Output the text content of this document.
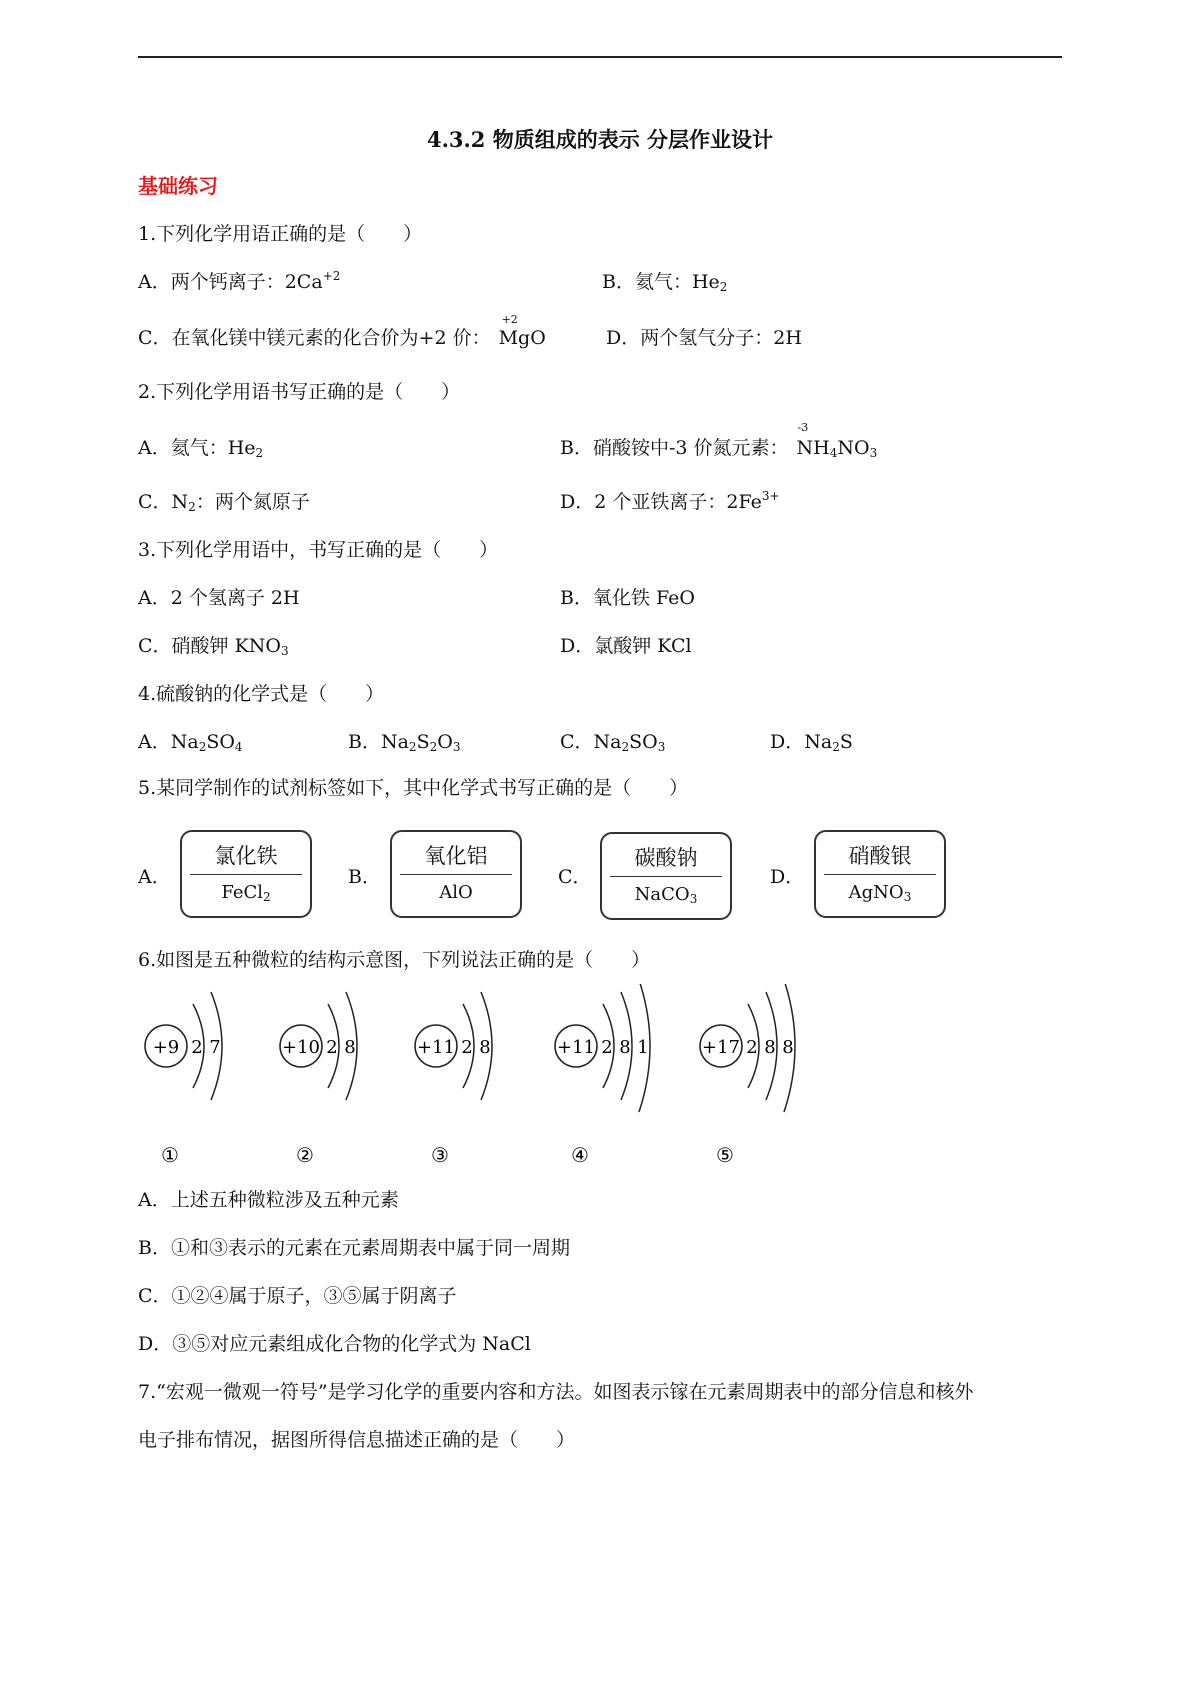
4.3.2 物质组成的表示 分层作业设计
基础练习
1.下列化学用语正确的是（　　）
A．两个钙离子：$2Ca^{+2}$	B．氦气：$He_2$
C．在氧化镁中镁元素的化合价为+2 价：
+2
MgO	D．两个氢气分子：2H
2.下列化学用语书写正确的是（　　）
A．氦气：$He_2$	B．硝酸铵中-3 价氮元素：
-3
$NH_4NO_3$
C．$N_2$：两个氮原子	D．2 个亚铁离子：$2Fe^{3+}$
3.下列化学用语中，书写正确的是（　　）
A．2 个氢离子 2H	B．氧化铁 FeO
C．硝酸钾 $KNO_3$	D．氯酸钾 KCl
4.硫酸钠的化学式是（　　）
A．$Na_2SO_4$	B．$Na_2S_2O_3$	C．$Na_2SO_3$	D．$Na_2S$
5.某同学制作的试剂标签如下，其中化学式书写正确的是（　　）
A．
氯化铁
FeCl$_2$
B．
氧化铝
AlO
C．
碳酸钠
NaCO$_3$
D．
硝酸银
AgNO$_3$
6.如图是五种微粒的结构示意图，下列说法正确的是（　　）
+9 2 7
①
+10 2 8
②
+11 2 8
③
+11 2 8 1
④
+17 2 8 8
⑤
A．上述五种微粒涉及五种元素
B．①和③表示的元素在元素周期表中属于同一周期
C．①②④属于原子，③⑤属于阴离子
D．③⑤对应元素组成化合物的化学式为 NaCl
7.“宏观一微观一符号”是学习化学的重要内容和方法。如图表示镓在元素周期表中的部分信息和核外
电子排布情况，据图所得信息描述正确的是（　　）
